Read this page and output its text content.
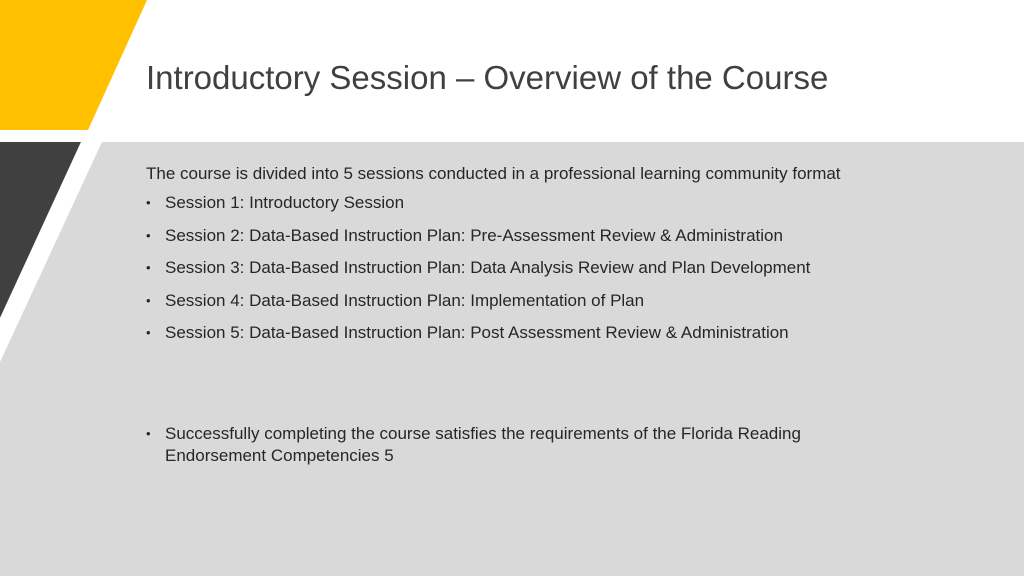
Introductory Session – Overview of the Course

The course is divided into 5 sessions conducted in a professional learning community format

• Session 1: Introductory Session
• Session 2: Data-Based Instruction Plan: Pre-Assessment Review & Administration
• Session 3: Data-Based Instruction Plan: Data Analysis Review and Plan Development
• Session 4: Data-Based Instruction Plan: Implementation of Plan
• Session 5: Data-Based Instruction Plan: Post Assessment Review & Administration
• Successfully completing the course satisfies the requirements of the Florida Reading Endorsement Competencies 5
